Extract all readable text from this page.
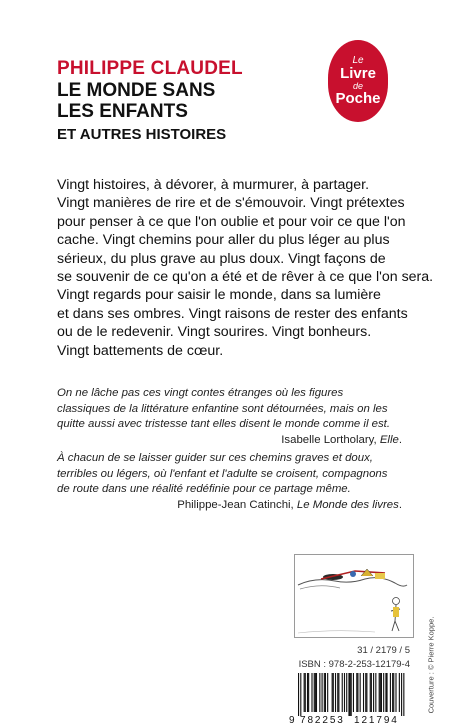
PHILIPPE CLAUDEL
LE MONDE SANS
LES ENFANTS
ET AUTRES HISTOIRES
Le
Livre
de
Poche
Vingt histoires, à dévorer, à murmurer, à partager.
Vingt manières de rire et de s'émouvoir. Vingt prétextes
pour penser à ce que l'on oublie et pour voir ce que l'on
cache. Vingt chemins pour aller du plus léger au plus
sérieux, du plus grave au plus doux. Vingt façons de
se souvenir de ce qu'on a été et de rêver à ce que l'on sera.
Vingt regards pour saisir le monde, dans sa lumière
et dans ses ombres. Vingt raisons de rester des enfants
ou de le redevenir. Vingt sourires. Vingt bonheurs.
Vingt battements de cœur.
On ne lâche pas ces vingt contes étranges où les figures
classiques de la littérature enfantine sont détournées, mais on les
quitte aussi avec tristesse tant elles disent le monde comme il est.
Isabelle Lortholary, Elle.
À chacun de se laisser guider sur ces chemins graves et doux,
terribles ou légers, où l'enfant et l'adulte se croisent, compagnons
de route dans une réalité redéfinie pour ce partage même.
Philippe-Jean Catinchi, Le Monde des livres.
31 / 2179 / 5
ISBN : 978-2-253-12179-4
9 782253 121794
Couverture : © Pierre Koppe.
